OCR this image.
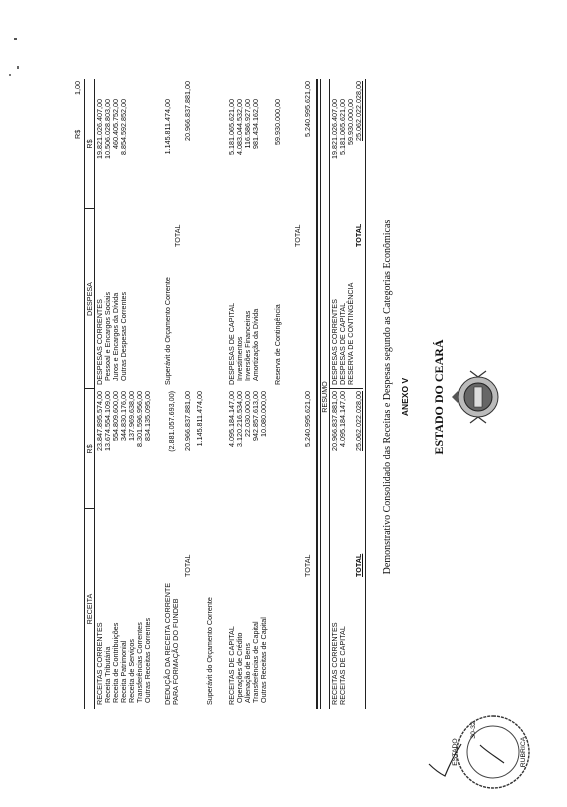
ESTADO DO CEARÁ
ANEXO V
Demonstrativo Consolidado das Receitas e Despesas segundo as Categorias Econômicas
R$
1,00
RECEITA
R$
DESPESA
R$
RECEITAS CORRENTES
23.847.895.574,00
Receita Tributária
13.674.554.109,00
Receita de Contribuições
554.809.600,00
Receita Patrimonial
344.830.176,00
Receita de Serviços
137.969.638,00
Transferências Correntes
8.301.596.956,00
Outras Receitas Correntes
834.135.095,00
DEDUÇÃO DA RECEITA CORRENTE PARA FORMAÇÃO DO FUNDEB
(2.881.057.693,00)
TOTAL
20.966.837.881,00
DESPESAS CORRENTES
19.821.026.407,00
Pessoal e Encargos Sociais
10.506.028.803,00
Juros e Encargos da Dívida
460.405.752,00
Outras Despesas Correntes
8.854.592.852,00
Superávit do Orçamento Corrente
1.145.811.474,00
TOTAL
20.966.837.881,00
Superávit do Orçamento Corrente
1.145.811.474,00
RECEITAS DE CAPITAL
4.095.184.147,00
Operações de Crédito
3.120.216.534,00
Alienação de Bens
22.030.000,00
Transferências de Capital
942.857.613,00
Outras Receitas de Capital
10.080.000,00
TOTAL
5.240.995.621,00
DESPESAS DE CAPITAL
5.181.065.621,00
Investimentos
4.083.044.532,00
Inversões Financeiras
116.586.927,00
Amortização da Dívida
981.434.162,00
Reserva de Contingência
59.930.000,00
TOTAL
5.240.995.621,00
RESUMO
RECEITAS CORRENTES
20.966.837.881,00
RECEITAS DE CAPITAL
4.095.184.147,00
TOTAL
25.062.022.028,00
DESPESAS CORRENTES
19.821.026.407,00
DESPESAS DE CAPITAL
5.181.065.621,00
RESERVA DE CONTINGÊNCIA
59.930.000,00
TOTAL
25.062.022.028,00
ESTADO
30-32
RUBRICA
